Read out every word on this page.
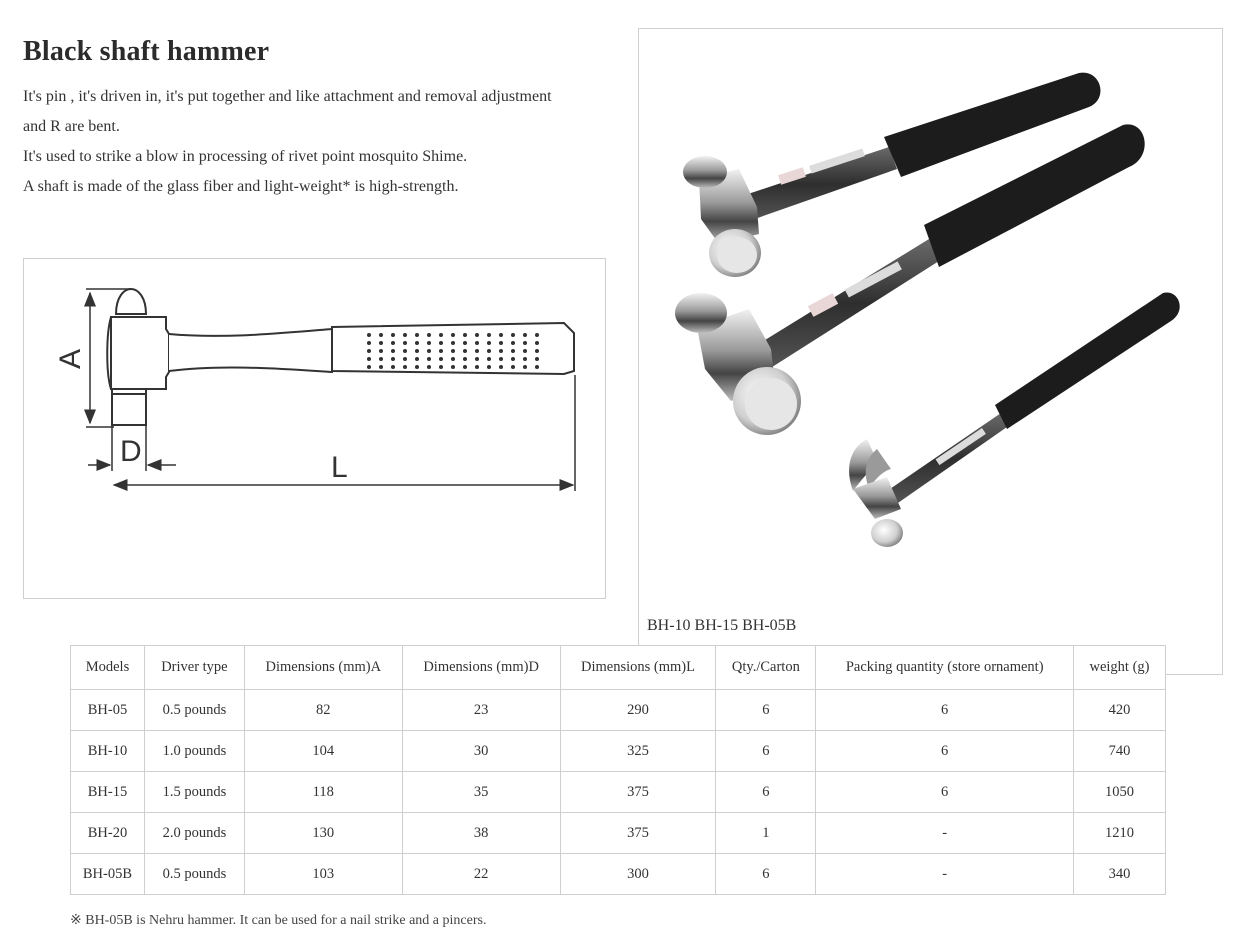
Black shaft hammer

It's pin , it's driven in, it's put together and like attachment and removal adjustment

and R are bent.

It's used to strike a blow in processing of rivet point mosquito Shime.

A shaft is made of the glass fiber and light-weight* is high-strength.

A
D	L
BH-10 BH-15 BH-05B
Models	Driver type	Dimensions (mm)A	Dimensions (mm)D	Dimensions (mm)L	Qty./Carton	Packing quantity (store ornament)	weight (g)
BH-05	0.5 pounds	82	23	290	6	6	420
BH-10	1.0 pounds	104	30	325	6	6	740
BH-15	1.5 pounds	118	35	375	6	6	1050
BH-20	2.0 pounds	130	38	375	1	-	1210
BH-05B	0.5 pounds	103	22	300	6	-	340
※ BH-05B is Nehru hammer. It can be used for a nail strike and a pincers.
